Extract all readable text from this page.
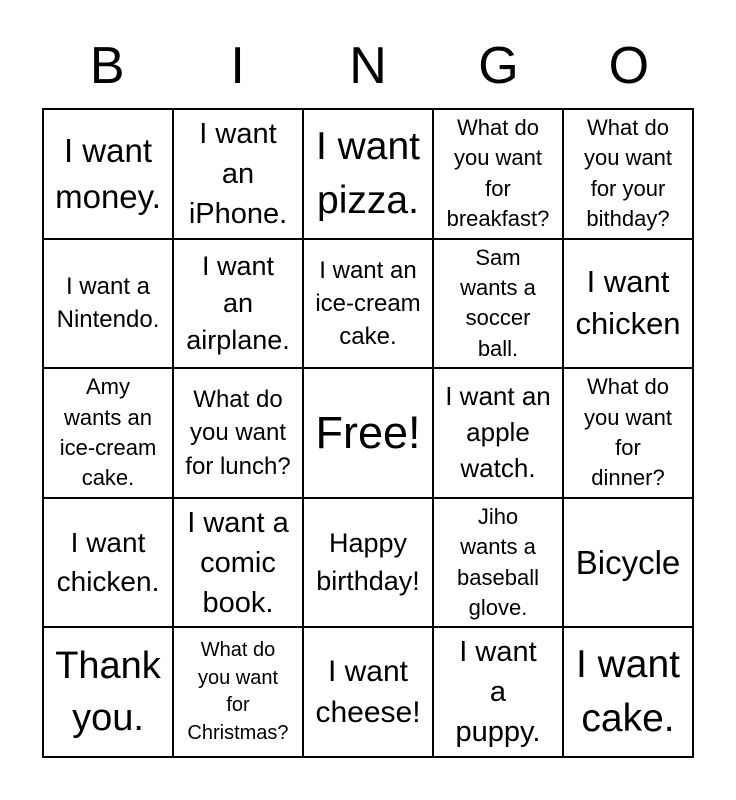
B	I	N	G	O
I want
money.
I want
an
iPhone.
I want
pizza.
What do
you want
for
breakfast?
What do
you want
for your
bithday?
I want a
Nintendo.
I want
an
airplane.
I want an
ice-cream
cake.
Sam
wants a
soccer
ball.
I want
chicken
Amy
wants an
ice-cream
cake.
What do
you want
for lunch?
Free!
I want an
apple
watch.
What do
you want
for
dinner?
I want
chicken.
I want a
comic
book.
Happy
birthday!
Jiho
wants a
baseball
glove.
Bicycle
Thank
you.
What do
you want
for
Christmas?
I want
cheese!
I want
a
puppy.
I want
cake.
